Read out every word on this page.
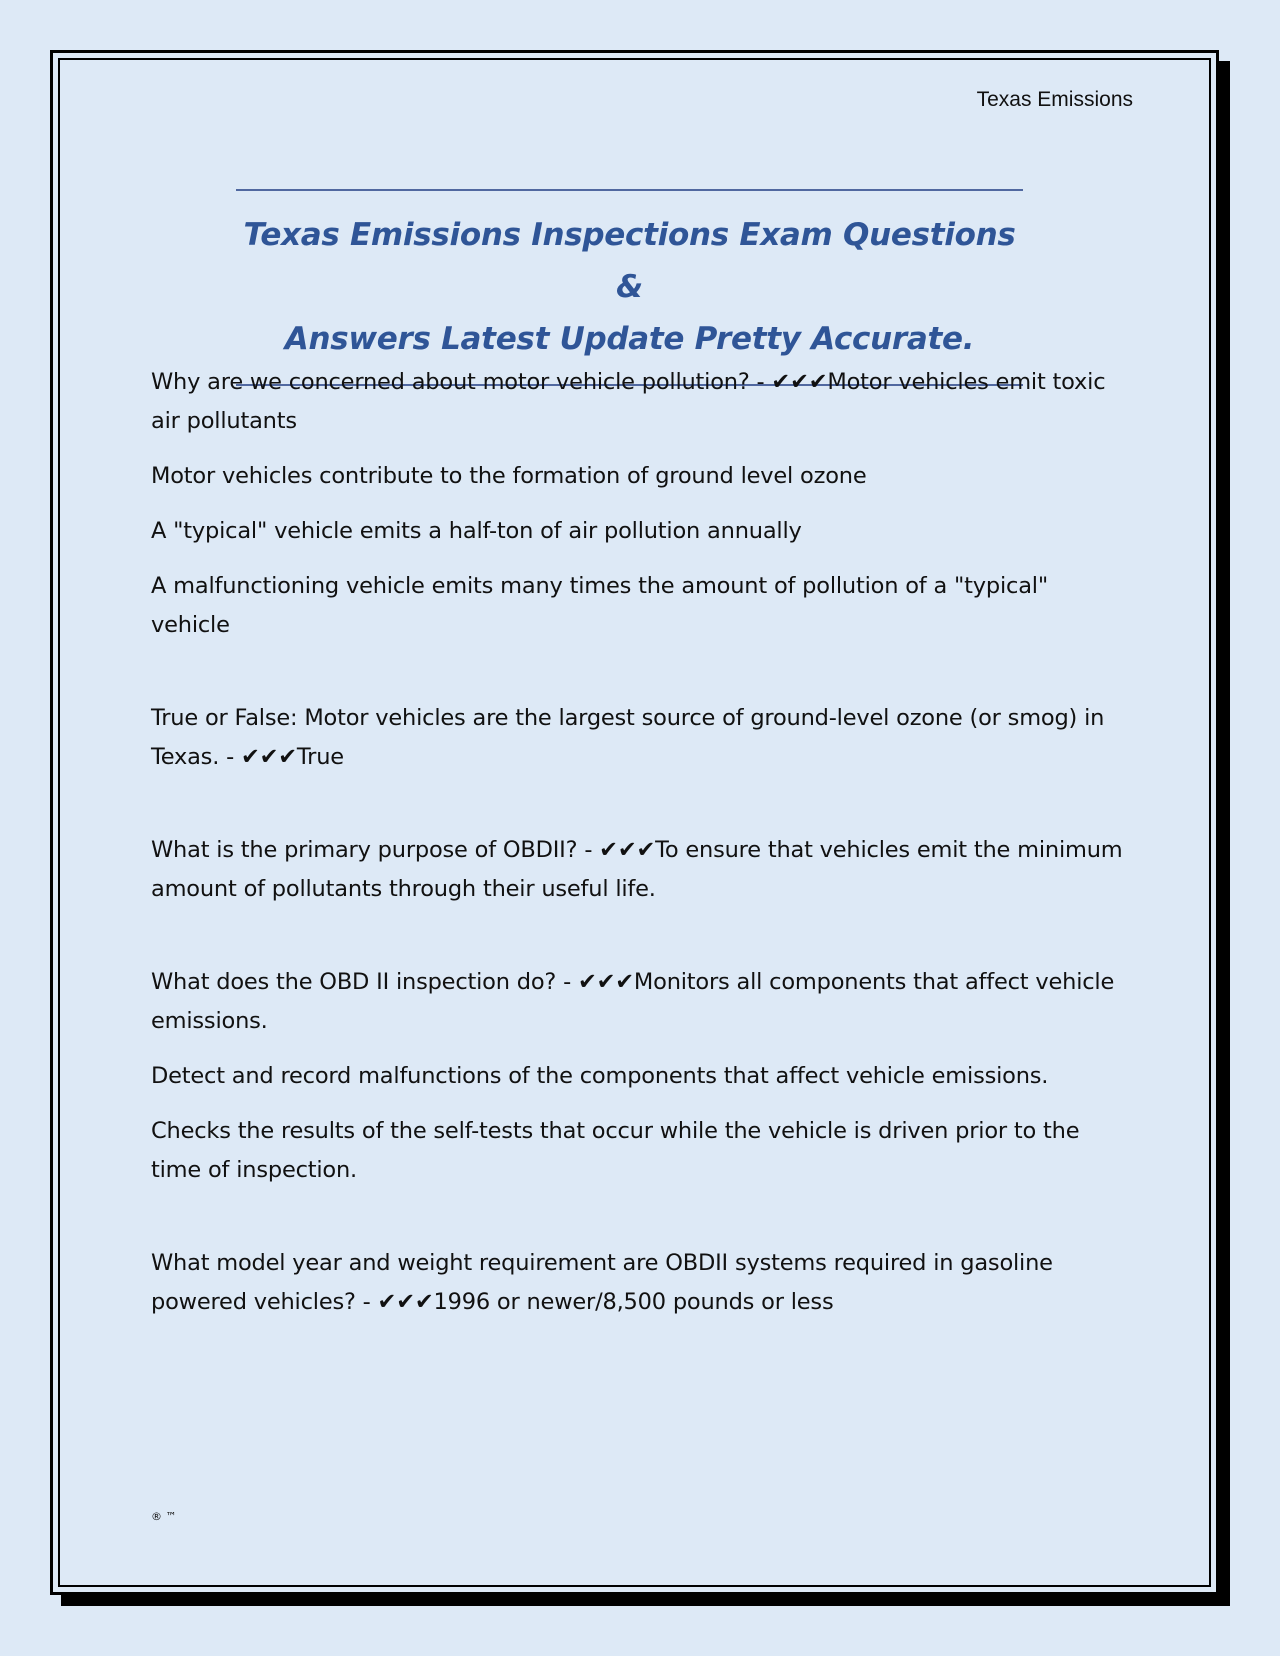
Texas Emissions

Texas Emissions Inspections Exam Questions &
Answers Latest Update Pretty Accurate.

Why are we concerned about motor vehicle pollution? - ✔✔✔Motor vehicles emit toxic air pollutants

Motor vehicles contribute to the formation of ground level ozone

A "typical" vehicle emits a half-ton of air pollution annually

A malfunctioning vehicle emits many times the amount of pollution of a "typical" vehicle

True or False: Motor vehicles are the largest source of ground-level ozone (or smog) in Texas. - ✔✔✔True

What is the primary purpose of OBDII? - ✔✔✔To ensure that vehicles emit the minimum amount of pollutants through their useful life.

What does the OBD II inspection do? - ✔✔✔Monitors all components that affect vehicle emissions.

Detect and record malfunctions of the components that affect vehicle emissions.

Checks the results of the self-tests that occur while the vehicle is driven prior to the time of inspection.

What model year and weight requirement are OBDII systems required in gasoline powered vehicles? - ✔✔✔1996 or newer/8,500 pounds or less

® ™
